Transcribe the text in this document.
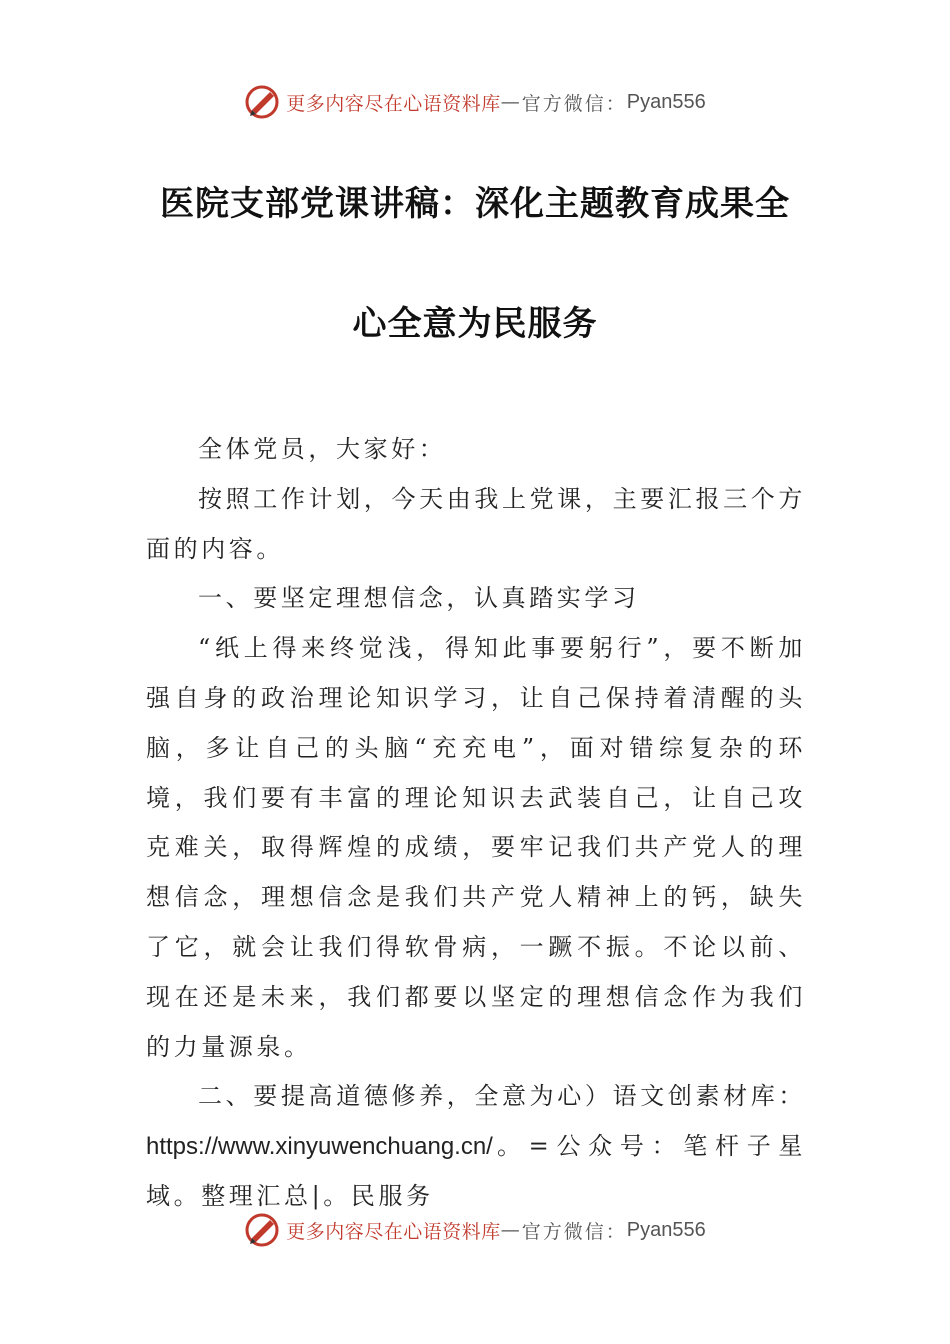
更多内容尽在心语资料库 — 官方微信： Pyan556
医院支部党课讲稿：深化主题教育成果全
心全意为民服务

全体党员，大家好：

按照工作计划，今天由我上党课，主要汇报三个方面的内容。

一、要坚定理想信念，认真踏实学习

“纸上得来终觉浅，得知此事要躬行”，要不断加强自身的政治理论知识学习，让自己保持着清醒的头脑，多让自己的头脑“充充电”，面对错综复杂的环境，我们要有丰富的理论知识去武装自己，让自己攻克难关，取得辉煌的成绩，要牢记我们共产党人的理想信念，理想信念是我们共产党人精神上的钙，缺失了它，就会让我们得软骨病，一蹶不振。不论以前、现在还是未来，我们都要以坚定的理想信念作为我们的力量源泉。

二、要提高道德修养，全意为心）语文创素材库：https://www.xinyuwenchuang.cn/。=公众号：笔杆子星域。整理汇总|。民服务

更多内容尽在心语资料库 — 官方微信： Pyan556
